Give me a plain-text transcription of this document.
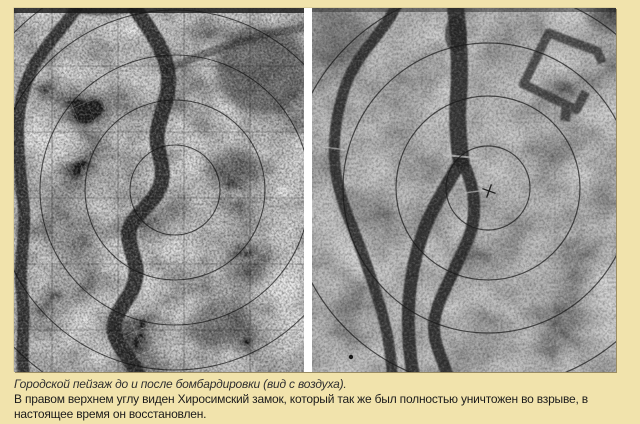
Городской пейзаж до и после бомбардировки (вид с воздуха).
В правом верхнем углу виден Хиросимский замок, который так же был полностью уничтожен во взрыве, в настоящее время он восстановлен.
